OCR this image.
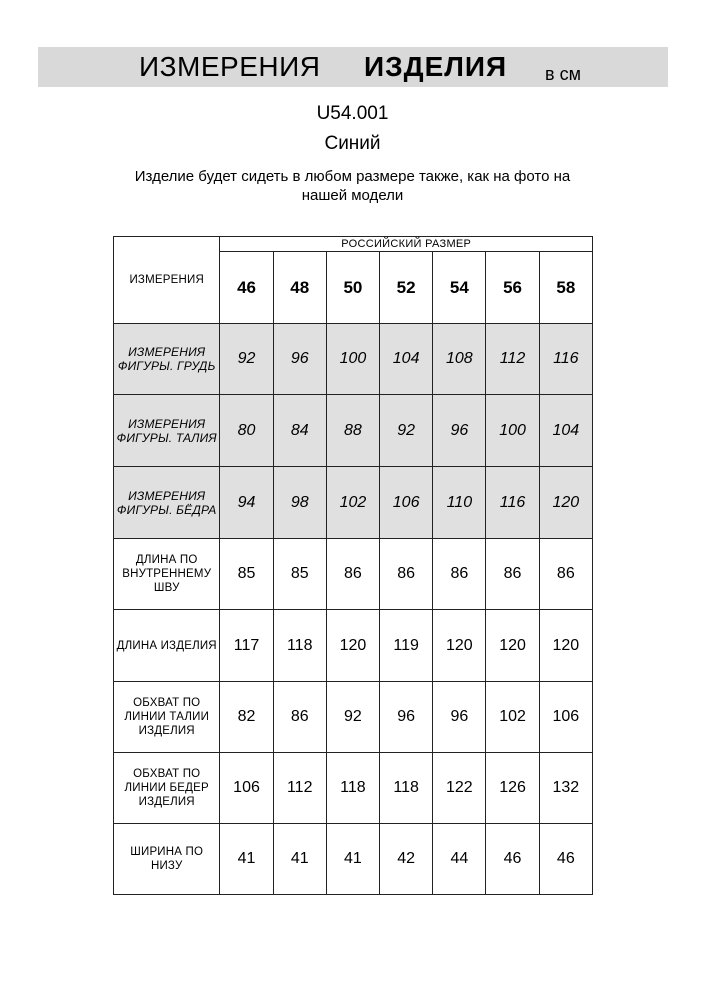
ИЗМЕРЕНИЯ ИЗДЕЛИЯ в см
U54.001
Синий
Изделие будет сидеть в любом размере также, как на фото на нашей модели
ИЗМЕРЕНИЯ	РОССИЙСКИЙ РАЗМЕР						
	46	48	50	52	54	56	58
ИЗМЕРЕНИЯ ФИГУРЫ. ГРУДЬ	92	96	100	104	108	112	116
ИЗМЕРЕНИЯ ФИГУРЫ. ТАЛИЯ	80	84	88	92	96	100	104
ИЗМЕРЕНИЯ ФИГУРЫ. БЁДРА	94	98	102	106	110	116	120
ДЛИНА ПО ВНУТРЕННЕМУ ШВУ	85	85	86	86	86	86	86
ДЛИНА ИЗДЕЛИЯ	117	118	120	119	120	120	120
ОБХВАТ ПО ЛИНИИ ТАЛИИ ИЗДЕЛИЯ	82	86	92	96	96	102	106
ОБХВАТ ПО ЛИНИИ БЕДЕР ИЗДЕЛИЯ	106	112	118	118	122	126	132
ШИРИНА ПО НИЗУ	41	41	41	42	44	46	46
